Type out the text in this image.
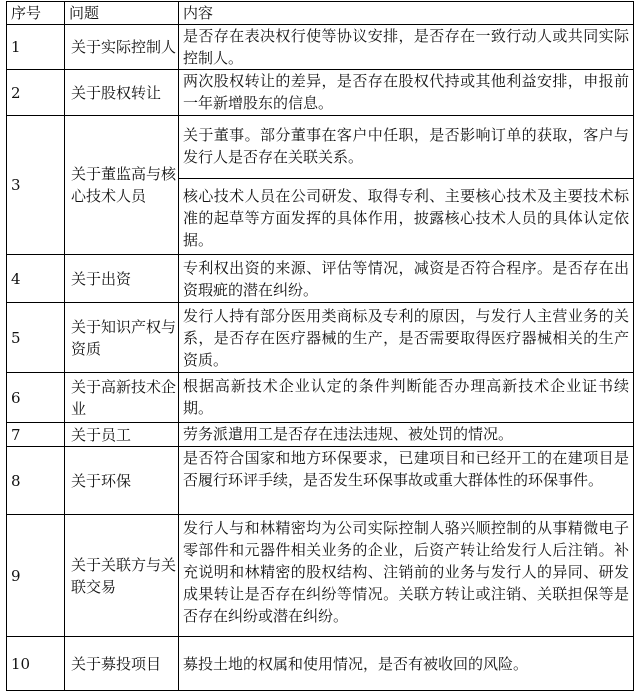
序号	问题	内容
1	关于实际控制人	是否存在表决权行使等协议安排，是否存在一致行动人或共同实际控制人。
2	关于股权转让	两次股权转让的差异，是否存在股权代持或其他利益安排，申报前一年新增股东的信息。
3	关于董监高与核心技术人员	关于董事。部分董事在客户中任职，是否影响订单的获取，客户与发行人是否存在关联关系。
		核心技术人员在公司研发、取得专利、主要核心技术及主要技术标准的起草等方面发挥的具体作用，披露核心技术人员的具体认定依据。
4	关于出资	专利权出资的来源、评估等情况，减资是否符合程序。是否存在出资瑕疵的潜在纠纷。
5	关于知识产权与资质	发行人持有部分医用类商标及专利的原因，与发行人主营业务的关系，是否存在医疗器械的生产，是否需要取得医疗器械相关的生产资质。
6	关于高新技术企业	根据高新技术企业认定的条件判断能否办理高新技术企业证书续期。
7	关于员工	劳务派遣用工是否存在违法违规、被处罚的情况。
8	关于环保	是否符合国家和地方环保要求，已建项目和已经开工的在建项目是否履行环评手续，是否发生环保事故或重大群体性的环保事件。
9	关于关联方与关联交易	发行人与和林精密均为公司实际控制人骆兴顺控制的从事精微电子零部件和元器件相关业务的企业，后资产转让给发行人后注销。补充说明和林精密的股权结构、注销前的业务与发行人的异同、研发成果转让是否存在纠纷等情况。关联方转让或注销、关联担保等是否存在纠纷或潜在纠纷。
10	关于募投项目	募投土地的权属和使用情况，是否有被收回的风险。
